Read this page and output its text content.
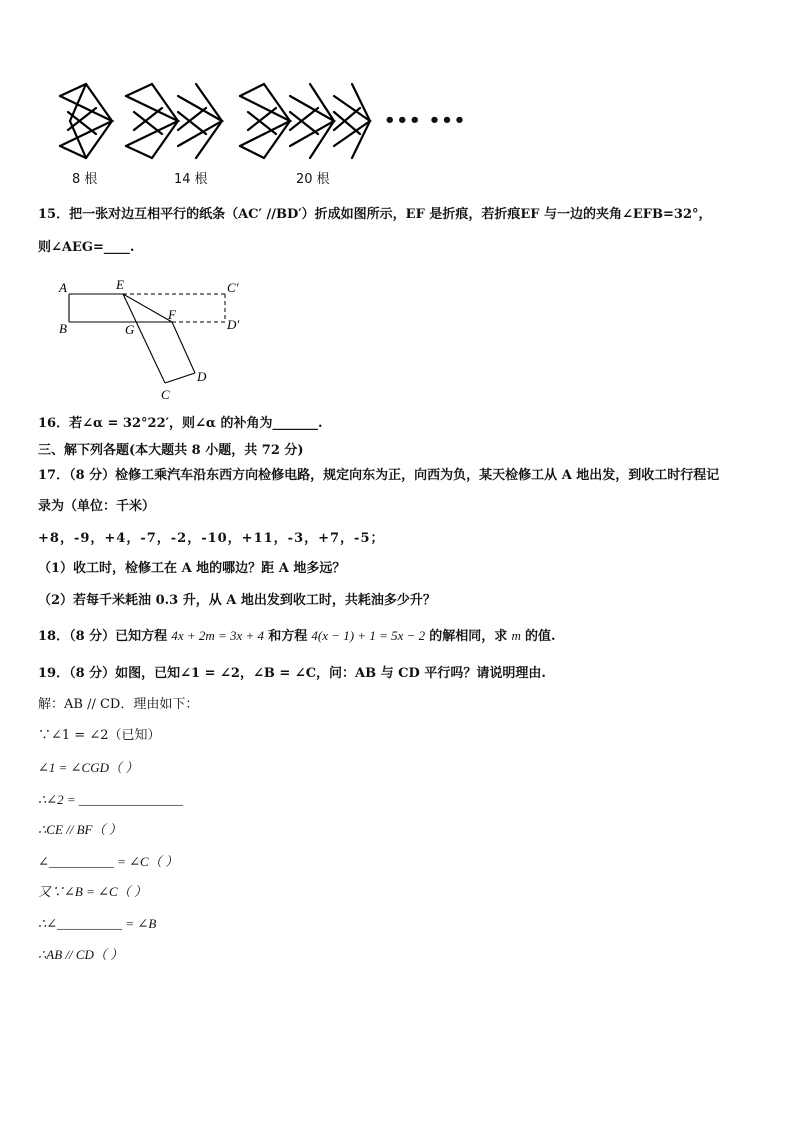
••• •••
8 根	14 根	20 根
15．把一张对边互相平行的纸条（AC′ //BD′）折成如图所示，EF 是折痕，若折痕EF 与一边的夹角∠EFB=32°，
则∠AEG=____.
A	E	C′
B	G
F
D′
C
D
16．若∠α = 32°22′，则∠α 的补角为_______.
三、解下列各题(本大题共 8 小题，共 72 分)
17．（8 分）检修工乘汽车沿东西方向检修电路，规定向东为正，向西为负，某天检修工从 A 地出发，到收工时行程记
录为（单位：千米）
+8，-9，+4，-7，-2，-10，+11，-3，+7，-5；
（1）收工时，检修工在 A 地的哪边？距 A 地多远？
（2）若每千米耗油 0.3 升，从 A 地出发到收工时，共耗油多少升？
18．（8 分）已知方程 4x + 2m = 3x + 4 和方程 4(x − 1) + 1 = 5x − 2 的解相同，求 m 的值.
19．（8 分）如图，已知∠1 = ∠2，∠B = ∠C，问：AB 与 CD 平行吗？请说明理由.
解：AB // CD．理由如下：
∵∠1 = ∠2（已知）
∠1 = ∠CGD（ ）
∴∠2 = ________________
∴CE // BF（ ）
∠__________ = ∠C（ ）
又∵∠B = ∠C（ ）
∴∠__________ = ∠B
∴AB // CD（ ）
